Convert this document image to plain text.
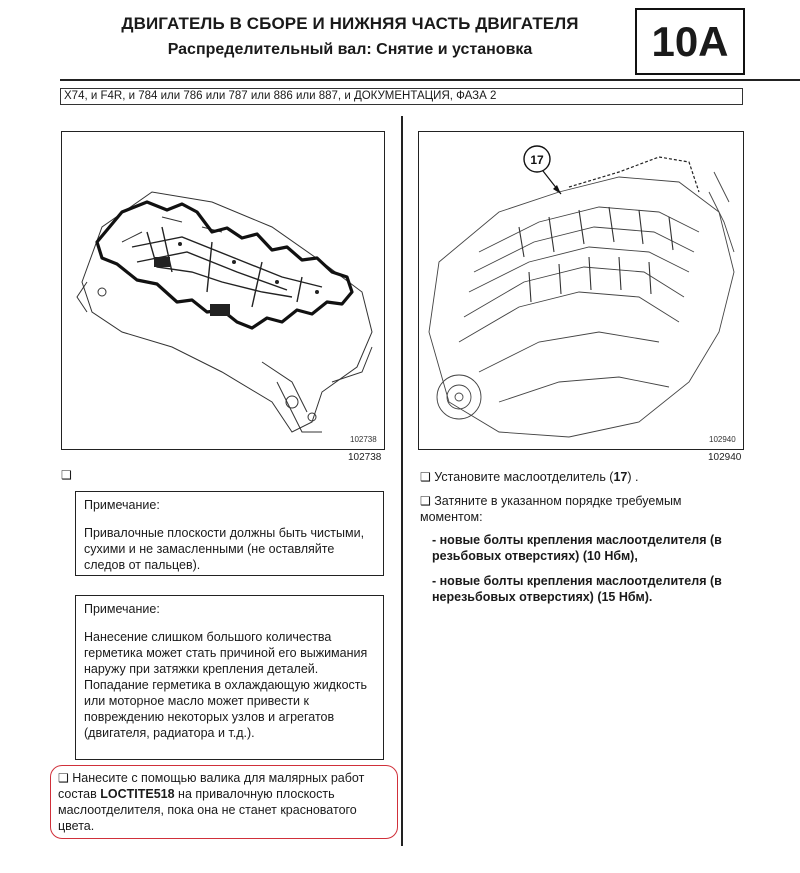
ДВИГАТЕЛЬ В СБОРЕ И НИЖНЯЯ ЧАСТЬ ДВИГАТЕЛЯ
Распределительный вал: Снятие и установка	10A
X74, и F4R, и 784 или 786 или 787 или 886 или 887, и ДОКУМЕНТАЦИЯ, ФАЗА 2
102738
102738
17
102940
102940
❑
Примечание:
Привалочные плоскости должны быть чистыми, сухими и не замасленными (не оставляйте следов от пальцев).
Примечание:
Нанесение слишком большого количества герметика может стать причиной его выжимания наружу при затяжки крепления деталей. Попадание герметика в охлаждающую жидкость или моторное масло может привести к повреждению некоторых узлов и агрегатов (двигателя, радиатора и т.д.).
❑ Нанесите с помощью валика для малярных работ состав LOCTITE518 на привалочную плоскость маслоотделителя, пока она не станет красноватого цвета.
❑ Установите маслоотделитель (17) .
❑ Затяните в указанном порядке требуемым моментом:
- новые болты крепления маслоотделителя (в резьбовых отверстиях) (10 Нбм),
- новые болты крепления маслоотделителя (в нерезьбовых отверстиях) (15 Нбм).
